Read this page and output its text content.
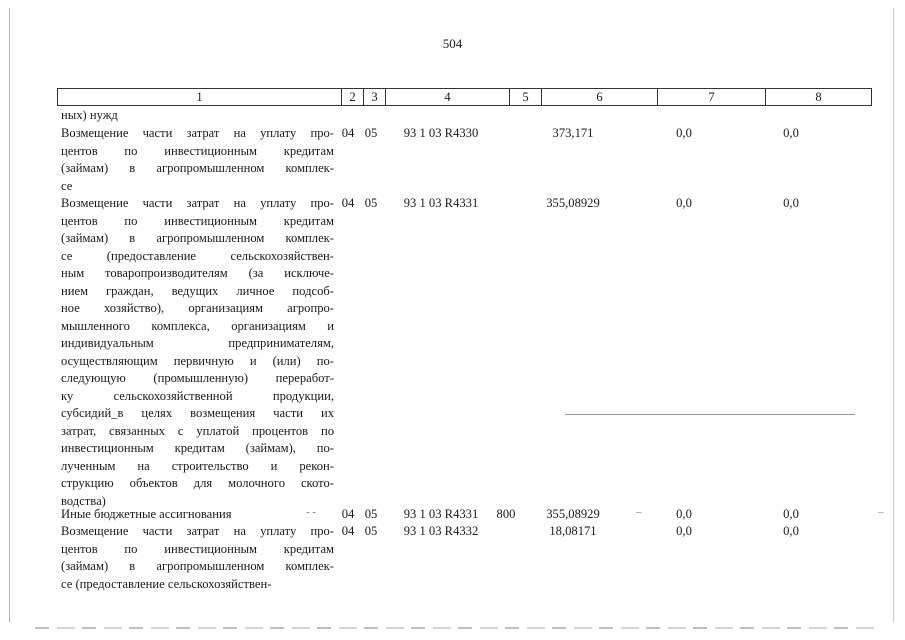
504
1	2	3	4	5	6	7	8
ных) нужд
Возмещение части затрат на уплату про-
центов по инвестиционным кредитам
(займам) в агропромышленном комплек-
се
04 05	93 1 03 R4330	373,171	0,0	0,0
Возмещение части затрат на уплату про-
центов по инвестиционным кредитам
(займам) в агропромышленном комплек-
се (предоставление сельскохозяйствен-
ным товаропроизводителям (за исключе-
нием граждан, ведущих личное подсоб-
ное хозяйство), организациям агропро-
мышленного комплекса, организациям и
индивидуальным предпринимателям,
осуществляющим первичную и (или) по-
следующую (промышленную) переработ-
ку сельскохозяйственной продукции,
субсидий_в целях возмещения части их
затрат, связанных с уплатой процентов по
инвестиционным кредитам (займам), по-
лученным на строительство и рекон-
струкцию объектов для молочного ското-
водства)
04 05	93 1 03 R4331	355,08929	0,0	0,0
Иные бюджетные ассигнования	04 05	93 1 03 R4331	800	355,08929	0,0	0,0
Возмещение части затрат на уплату про-
центов по инвестиционным кредитам
(займам) в агропромышленном комплек-
се (предоставление сельскохозяйствен-
04 05	93 1 03 R4332	18,08171	0,0	0,0
- -	–	–
